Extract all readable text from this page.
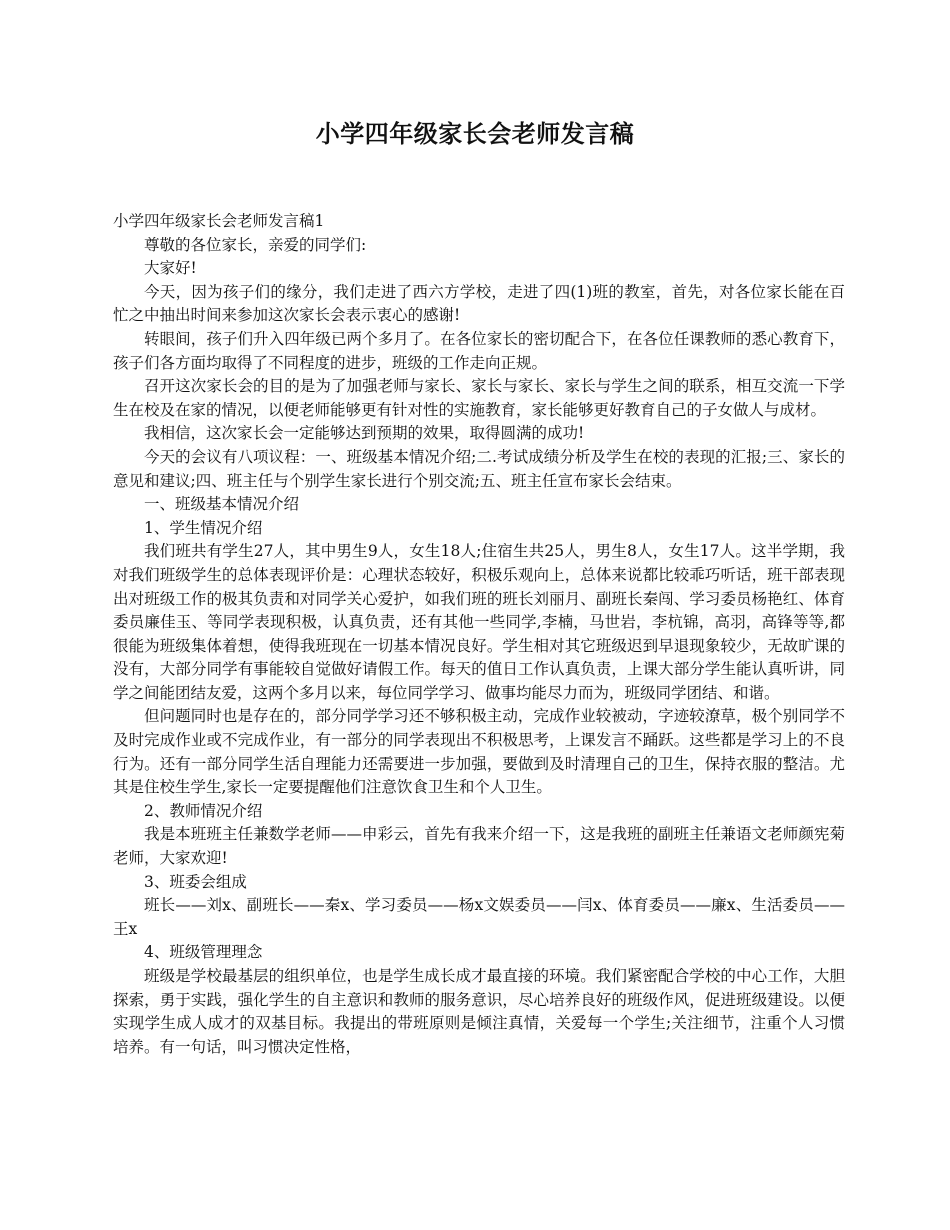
小学四年级家长会老师发言稿

小学四年级家长会老师发言稿1

尊敬的各位家长，亲爱的同学们:

大家好!

今天，因为孩子们的缘分，我们走进了西六方学校，走进了四(1)班的教室，首先，对各位家长能在百忙之中抽出时间来参加这次家长会表示衷心的感谢!

转眼间，孩子们升入四年级已两个多月了。在各位家长的密切配合下，在各位任课教师的悉心教育下，孩子们各方面均取得了不同程度的进步，班级的工作走向正规。

召开这次家长会的目的是为了加强老师与家长、家长与家长、家长与学生之间的联系，相互交流一下学生在校及在家的情况，以便老师能够更有针对性的实施教育，家长能够更好教育自己的子女做人与成材。

我相信，这次家长会一定能够达到预期的效果，取得圆满的成功!

今天的会议有八项议程：一、班级基本情况介绍;二.考试成绩分析及学生在校的表现的汇报;三、家长的意见和建议;四、班主任与个别学生家长进行个别交流;五、班主任宣布家长会结束。

一、班级基本情况介绍

1、学生情况介绍

我们班共有学生27人，其中男生9人，女生18人;住宿生共25人，男生8人，女生17人。这半学期，我对我们班级学生的总体表现评价是：心理状态较好，积极乐观向上，总体来说都比较乖巧听话，班干部表现出对班级工作的极其负责和对同学关心爱护，如我们班的班长刘丽月、副班长秦闯、学习委员杨艳红、体育委员廉佳玉、等同学表现积极，认真负责，还有其他一些同学,李楠，马世岩，李杭锦，高羽，高锋等等,都很能为班级集体着想，使得我班现在一切基本情况良好。学生相对其它班级迟到早退现象较少，无故旷课的没有，大部分同学有事能较自觉做好请假工作。每天的值日工作认真负责，上课大部分学生能认真听讲，同学之间能团结友爱，这两个多月以来，每位同学学习、做事均能尽力而为，班级同学团结、和谐。

但问题同时也是存在的，部分同学学习还不够积极主动，完成作业较被动，字迹较潦草，极个别同学不及时完成作业或不完成作业，有一部分的同学表现出不积极思考，上课发言不踊跃。这些都是学习上的不良行为。还有一部分同学生活自理能力还需要进一步加强，要做到及时清理自己的卫生，保持衣服的整洁。尤其是住校生学生,家长一定要提醒他们注意饮食卫生和个人卫生。

2、教师情况介绍

我是本班班主任兼数学老师——申彩云，首先有我来介绍一下，这是我班的副班主任兼语文老师颜宪菊老师，大家欢迎!

3、班委会组成

班长——刘x、副班长——秦x、学习委员——杨x文娱委员——闫x、体育委员——廉x、生活委员——王x

4、班级管理理念

班级是学校最基层的组织单位，也是学生成长成才最直接的环境。我们紧密配合学校的中心工作，大胆探索，勇于实践，强化学生的自主意识和教师的服务意识，尽心培养良好的班级作风，促进班级建设。以便实现学生成人成才的双基目标。我提出的带班原则是倾注真情，关爱每一个学生;关注细节，注重个人习惯培养。有一句话，叫习惯决定性格，
